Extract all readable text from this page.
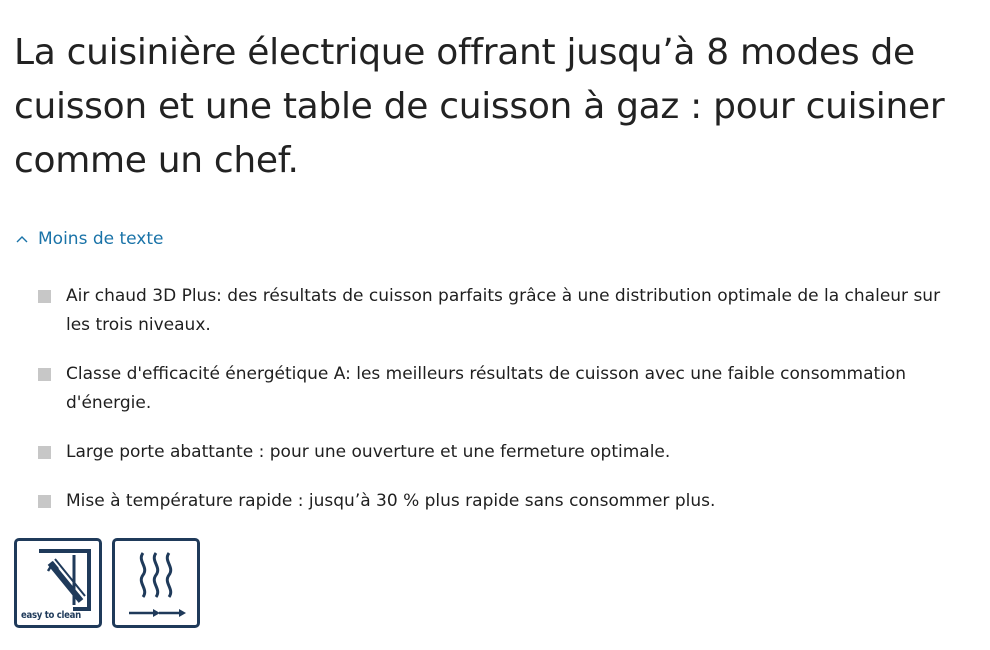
La cuisinière électrique offrant jusqu’à 8 modes de cuisson et une table de cuisson à gaz : pour cuisiner comme un chef.
Moins de texte
Air chaud 3D Plus: des résultats de cuisson parfaits grâce à une distribution optimale de la chaleur sur les trois niveaux.
Classe d'efficacité énergétique A: les meilleurs résultats de cuisson avec une faible consommation d'énergie.
Large porte abattante : pour une ouverture et une fermeture optimale.
Mise à température rapide : jusqu’à 30 % plus rapide sans consommer plus.
easy to clean
